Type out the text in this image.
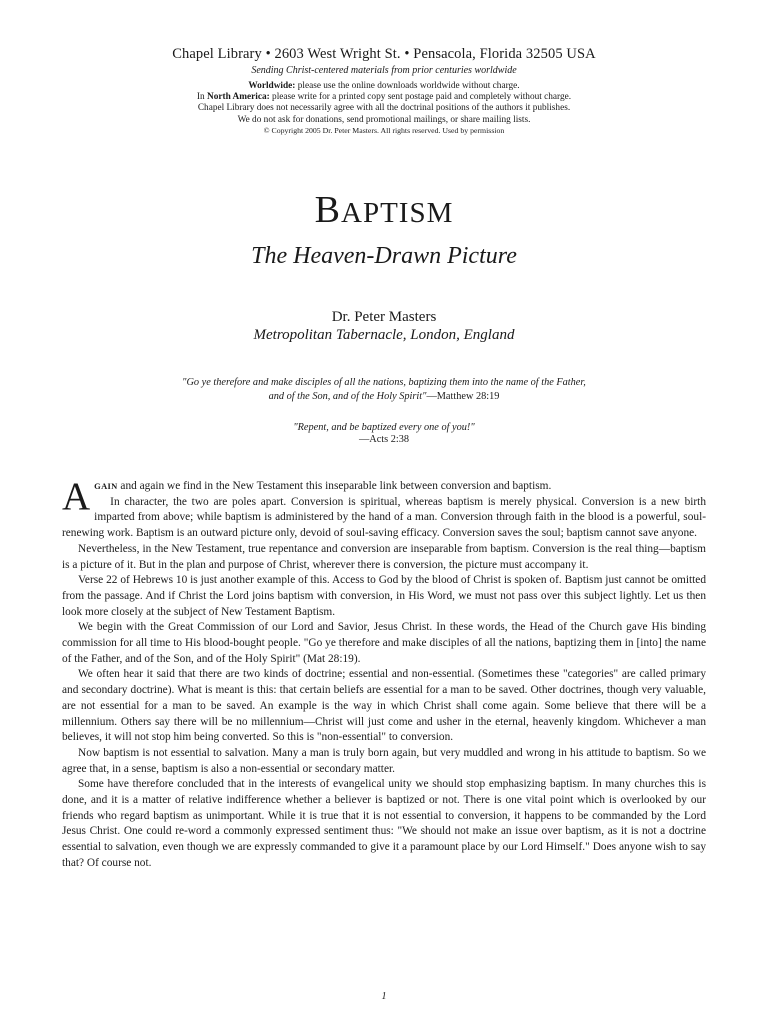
Chapel Library • 2603 West Wright St. • Pensacola, Florida 32505 USA
Sending Christ-centered materials from prior centuries worldwide
Worldwide: please use the online downloads worldwide without charge.
In North America: please write for a printed copy sent postage paid and completely without charge.
Chapel Library does not necessarily agree with all the doctrinal positions of the authors it publishes.
We do not ask for donations, send promotional mailings, or share mailing lists.
© Copyright 2005 Dr. Peter Masters. All rights reserved. Used by permission
BAPTISM
The Heaven-Drawn Picture
Dr. Peter Masters
Metropolitan Tabernacle, London, England
"Go ye therefore and make disciples of all the nations, baptizing them into the name of the Father,
and of the Son, and of the Holy Spirit"—Matthew 28:19
"Repent, and be baptized every one of you!"
—Acts 2:38

AGAIN and again we find in the New Testament this inseparable link between conversion and baptism.

In character, the two are poles apart. Conversion is spiritual, whereas baptism is merely physical. Conversion is a new birth imparted from above; while baptism is administered by the hand of a man. Conversion through faith in the blood is a powerful, soul-renewing work. Baptism is an outward picture only, devoid of soul-saving efficacy. Conversion saves the soul; baptism cannot save anyone.

Nevertheless, in the New Testament, true repentance and conversion are inseparable from baptism. Conversion is the real thing—baptism is a picture of it. But in the plan and purpose of Christ, wherever there is conversion, the picture must accompany it.

Verse 22 of Hebrews 10 is just another example of this. Access to God by the blood of Christ is spoken of. Baptism just cannot be omitted from the passage. And if Christ the Lord joins baptism with conversion, in His Word, we must not pass over this subject lightly. Let us then look more closely at the subject of New Testament Baptism.

We begin with the Great Commission of our Lord and Savior, Jesus Christ. In these words, the Head of the Church gave His binding commission for all time to His blood-bought people. "Go ye therefore and make disciples of all the nations, baptizing them in [into] the name of the Father, and of the Son, and of the Holy Spirit" (Mat 28:19).

We often hear it said that there are two kinds of doctrine; essential and non-essential. (Sometimes these "categories" are called primary and secondary doctrine). What is meant is this: that certain beliefs are essential for a man to be saved. Other doctrines, though very valuable, are not essential for a man to be saved. An example is the way in which Christ shall come again. Some believe that there will be a millennium. Others say there will be no millennium—Christ will just come and usher in the eternal, heavenly kingdom. Whichever a man believes, it will not stop him being converted. So this is "non-essential" to conversion.

Now baptism is not essential to salvation. Many a man is truly born again, but very muddled and wrong in his attitude to baptism. So we agree that, in a sense, baptism is also a non-essential or secondary matter.

Some have therefore concluded that in the interests of evangelical unity we should stop emphasizing baptism. In many churches this is done, and it is a matter of relative indifference whether a believer is baptized or not. There is one vital point which is overlooked by our friends who regard baptism as unimportant. While it is true that it is not essential to conversion, it happens to be commanded by the Lord Jesus Christ. One could re-word a commonly expressed sentiment thus: "We should not make an issue over baptism, as it is not a doctrine essential to salvation, even though we are expressly commanded to give it a paramount place by our Lord Himself." Does anyone wish to say that? Of course not.

1
